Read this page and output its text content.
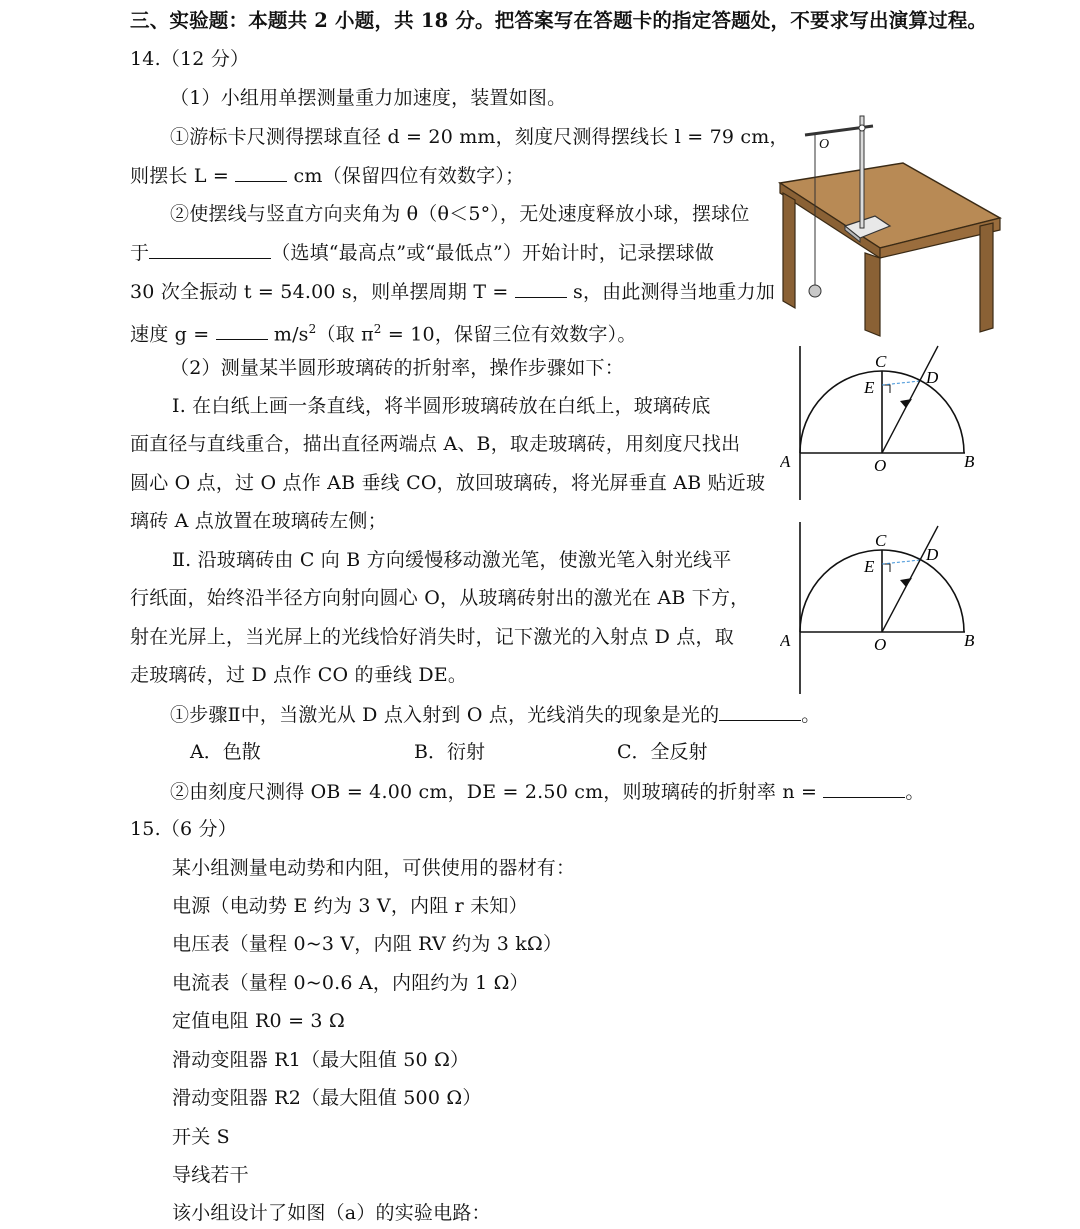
三、实验题：本题共 2 小题，共 18 分。把答案写在答题卡的指定答题处，不要求写出演算过程。
14.（12 分）
（1）小组用单摆测量重力加速度，装置如图。
①游标卡尺测得摆球直径 d = 20 mm，刻度尺测得摆线长 l = 79 cm，
则摆长 L =	cm（保留四位有效数字）；
②使摆线与竖直方向夹角为 θ（θ＜5°），无处速度释放小球，摆球位
于	（选填“最高点”或“最低点”）开始计时，记录摆球做
30 次全振动 t = 54.00 s，则单摆周期 T =	s，由此测得当地重力加
速度 g =	$m/s^2$（取 $\pi^2 = 10$，保留三位有效数字）。
（2）测量某半圆形玻璃砖的折射率，操作步骤如下：
Ⅰ. 在白纸上画一条直线，将半圆形玻璃砖放在白纸上，玻璃砖底
面直径与直线重合，描出直径两端点 A、B，取走玻璃砖，用刻度尺找出
圆心 O 点，过 O 点作 AB 垂线 CO，放回玻璃砖，将光屏垂直 AB 贴近玻
璃砖 A 点放置在玻璃砖左侧；
Ⅱ. 沿玻璃砖由 C 向 B 方向缓慢移动激光笔，使激光笔入射光线平
行纸面，始终沿半径方向射向圆心 O，从玻璃砖射出的激光在 AB 下方，
射在光屏上，当光屏上的光线恰好消失时，记下激光的入射点 D 点，取
走玻璃砖，过 D 点作 CO 的垂线 DE。
①步骤Ⅱ中，当激光从 D 点入射到 O 点，光线消失的现象是光的	。
A．色散	B．衍射	C．全反射
②由刻度尺测得 OB = 4.00 cm，DE = 2.50 cm，则玻璃砖的折射率 n =	。
15.（6 分）
某小组测量电动势和内阻，可供使用的器材有：
电源（电动势 E 约为 3 V，内阻 r 未知）
电压表（量程 0~3 V，内阻 RV 约为 3 kΩ）
电流表（量程 0~0.6 A，内阻约为 1 Ω）
定值电阻 R0 = 3 Ω
滑动变阻器 R1（最大阻值 50 Ω）
滑动变阻器 R2（最大阻值 500 Ω）
开关 S
导线若干
该小组设计了如图（a）的实验电路：
O
A	B
O
C
E
D
A	B
O
C
E
D
